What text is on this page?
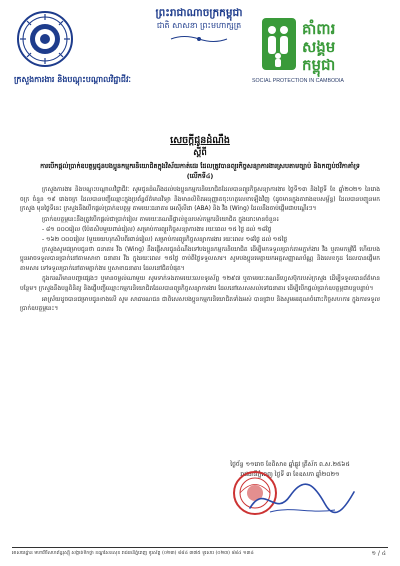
ក្រសួងការងារ និងបណ្តុះបណ្តាលវិជ្ជាជីវៈ
ព្រះរាជាណាចក្រកម្ពុជា
ជាតិ សាសនា ព្រះមហាក្សត្រ	គាំពារ
សង្គម
កម្ពុជា
SOCIAL PROTECTION IN CAMBODIA
សេចក្តីជូនដំណឹង
ស្តីពី
ការបើកផ្តល់ប្រាក់ឧបត្ថម្ភជូនបងប្អូនកម្មករនិយោជិតក្នុងវិស័យកាត់ដេរ ដែលត្រូវបានព្យួរកិច្ចសន្យាការងារស្របតាមច្បាប់ និងកញ្ចប់ថវិកាគាំទ្រ (លើកទី៤)

ក្រសួងការងារ និងបណ្តុះបណ្តាលវិជ្ជាជីវៈ សូមជូនដំណឹងដល់បងប្អូនកម្មករនិយោជិតដែលបានព្យួរកិច្ចសន្យាការងារ ថ្ងៃទី១៣ និងថ្ងៃទី ខែ ឆ្នាំ២០២១ នៃរោងចក្រ ចំនួន ១៩ រោងចក្រ ដែលបានបញ្ជីឈ្មោះក្នុងប្រព័ន្ធព័ត៌មានវិទ្យា និងមានលិខិតអនុញ្ញាតចុះហត្ថលេខាឡើងវិញ (ដូចមានក្នុងតារាងឧបសម្ព័ន្ធ) ដែលបានបញ្ជូនមកក្រសួង មុនថ្ងៃទីនេះ ក្រសួងនឹងបើកផ្តល់ប្រាក់ឧបត្ថម្ភ តាមរយៈធនាគារ អេស៊ីលីដា (ABA) និង វីង (Wing) ដែលនឹងចាប់ផ្តើមជាបណ្តើរៗ។

ប្រាក់ឧបត្ថម្ភនេះនឹងត្រូវបើកផ្តល់ជាប្រាក់រៀល តាមរយៈគណនីផ្ទាល់ខ្លួនរបស់កម្មករនិយោជិត ក្នុងនោះមានចំនួន៖

- ៨១ ០០០រៀល (ប៉ែតសិបមួយពាន់រៀល) សម្រាប់ការព្យួរកិច្ចសន្យាការងារ រយៈពេល ១៥ ថ្ងៃ ដល់ ១៨ថ្ងៃ
- ១៦២ ០០០រៀល (មួយរយហុកសិបពីរពាន់រៀល) សម្រាប់ការព្យួរកិច្ចសន្យាការងារ រយៈពេល ១៨ថ្ងៃ ដល់ ១៥ថ្ងៃ

ក្រសួងសូមជម្រាបជូនថា ធនាគារ វីង (Wing) នឹងផ្ញើសារជូនដំណឹងទៅបងប្អូនកម្មករនិយោជិត ដើម្បីមកទទួលប្រាក់តាមភ្នាក់ងារ វីង ឬតាមកម្មវិធី ហើយបងប្អូនអាចទទួលបានប្រាក់នៅតាមសាខា ធនាគារ វីង ក្នុងរយៈពេល ១៥ថ្ងៃ ចាប់ពីថ្ងៃទទួលសារ។ សូមបងប្អូនមេត្តាយកអត្តសញ្ញាណប័ណ្ណ និងលេខកូដ ដែលបានផ្ញើមកតាមសារ ទៅទទួលប្រាក់នៅតាមភ្នាក់ងារ ឬសាខាធនាគារ ដែលនៅជិតបំផុត។

ក្នុងករណីមានបញ្ហាផ្សេងៗ ឬមានចម្ងល់ណាមួយ សូមទាក់ទងតាមរយៈលេខទូរស័ព្ទ ១២៩៧ ឬតាមរយៈគណនីហ្វេសប៊ុករបស់ក្រសួង ដើម្បីទទួលបានព័ត៌មានបន្ថែម។ ក្រសួងនឹងបន្តពិនិត្យ និងផ្ញើបញ្ជីឈ្មោះកម្មករនិយោជិតដែលបានព្យួរកិច្ចសន្យាការងារ ដែលនៅសេសសល់ទៅធនាគារ ដើម្បីបើកផ្តល់ប្រាក់ឧបត្ថម្ភជាបន្តបន្ទាប់។

អាស្រ័យដូចបានជម្រាបជូនខាងលើ សូម សាធារណជន ជាពិសេសបងប្អូនកម្មករនិយោជិតទាំងអស់ បានជ្រាប និងសូមអរគុណចំពោះកិច្ចសហការ ក្នុងការទទួលប្រាក់ឧបត្ថម្ភនេះ។

ថ្ងៃច័ន្ទ ១១រោច ខែពិសាខ ឆ្នាំឆ្លូវ ត្រីស័ក ព.ស.២៥៦៥
រាជធានីភ្នំពេញ ថ្ងៃទី ៣ ខែឧសភា ឆ្នាំ២០២១
អាសយដ្ឋាន មហាវិថីសហព័ន្ធរុស្ស៊ី សង្កាត់ទឹកថ្លា ខណ្ឌសែនសុខ រាជធានីភ្នំពេញ ទូរស័ព្ទ (០២៣) ៨៨៤ ៣៧៥ ទូរសារ (០២៣) ៨៨៤ ១៣៤	១ / ៤
